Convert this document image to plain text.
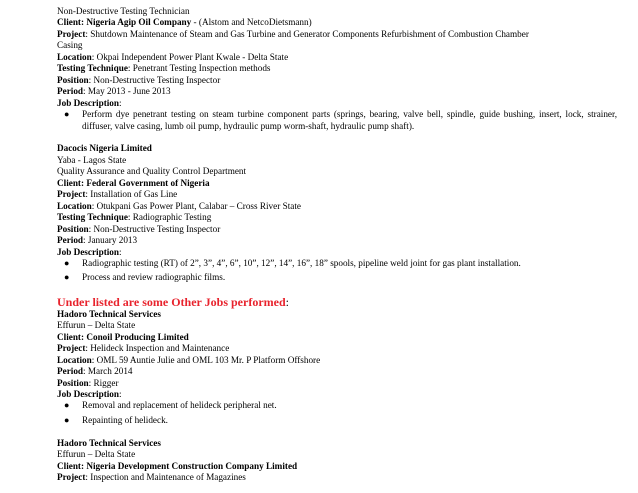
Non-Destructive Testing Technician
Client: Nigeria Agip Oil Company - (Alstom and NetcoDietsmann)
Project: Shutdown Maintenance of Steam and Gas Turbine and Generator Components Refurbishment of Combustion Chamber
Casing
Location: Okpai Independent Power Plant Kwale - Delta State
Testing Technique: Penetrant Testing Inspection methods
Position: Non-Destructive Testing Inspector
Period: May 2013 - June 2013
Job Description:
● Perform dye penetrant testing on steam turbine component parts (springs, bearing, valve bell, spindle, guide bushing, insert, lock, strainer, diffuser, valve casing, lumb oil pump, hydraulic pump worm-shaft, hydraulic pump shaft).
Dacocis Nigeria Limited
Yaba - Lagos State
Quality Assurance and Quality Control Department
Client: Federal Government of Nigeria
Project: Installation of Gas Line
Location: Otukpani Gas Power Plant, Calabar – Cross River State
Testing Technique: Radiographic Testing
Position: Non-Destructive Testing Inspector
Period: January 2013
Job Description:
● Radiographic testing (RT) of 2”, 3”, 4”, 6”, 10”, 12”, 14”, 16”, 18” spools, pipeline weld joint for gas plant installation.
● Process and review radiographic films.
Under listed are some Other Jobs performed:
Hadoro Technical Services
Effurun – Delta State
Client: Conoil Producing Limited
Project: Helideck Inspection and Maintenance
Location: OML 59 Auntie Julie and OML 103 Mr. P Platform Offshore
Period: March 2014
Position: Rigger
Job Description:
● Removal and replacement of helideck peripheral net.
● Repainting of helideck.
Hadoro Technical Services
Effurun – Delta State
Client: Nigeria Development Construction Company Limited
Project: Inspection and Maintenance of Magazines
